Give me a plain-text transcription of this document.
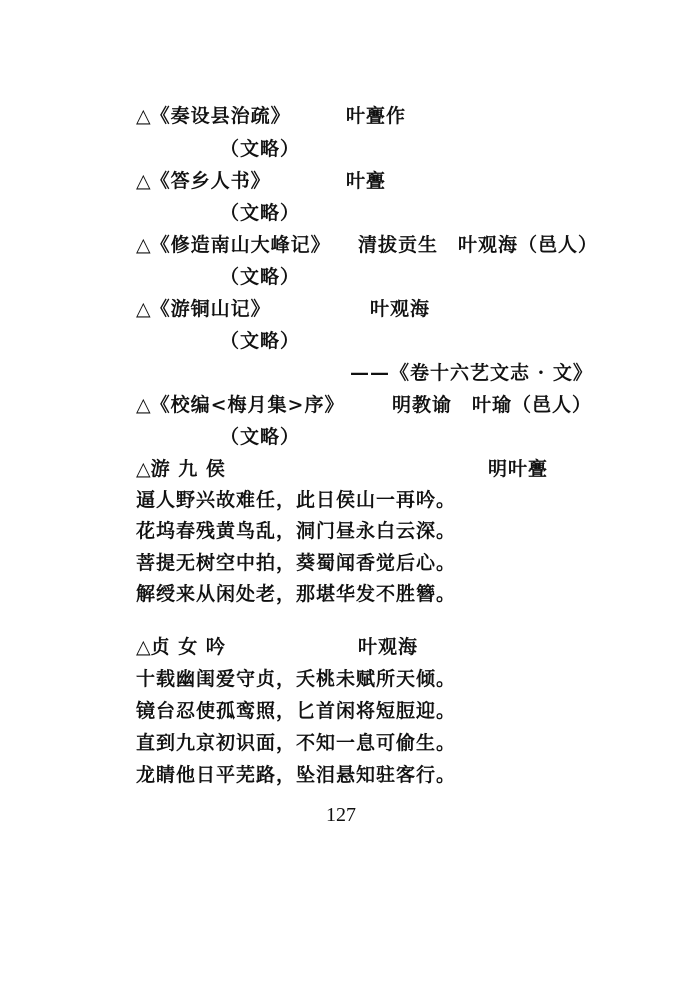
△《奏设县治疏》	叶亹作
（文略）
△《答乡人书》	叶亹
（文略）
△《修造南山大峰记》 清拔贡生　叶观海（邑人）
（文略）
△《游铜山记》	叶观海
（文略）
——《卷十六艺文志 · 文》
△《校编<梅月集>序》	明教谕　叶瑜（邑人）
（文略）
△游 九 侯	明叶亹
逼人野兴故难任，此日侯山一再吟。
花坞春残黄鸟乱，洞门昼永白云深。
菩提无树空中拍，葵蜀闻香觉后心。
解绶来从闲处老，那堪华发不胜簪。
△贞 女 吟	叶观海
十载幽闺爱守贞，夭桃未赋所天倾。
镜台忍使孤鸾照，匕首闲将短脰迎。
直到九京初识面，不知一息可偷生。
龙睛他日平芜路，坠泪悬知驻客行。
127
